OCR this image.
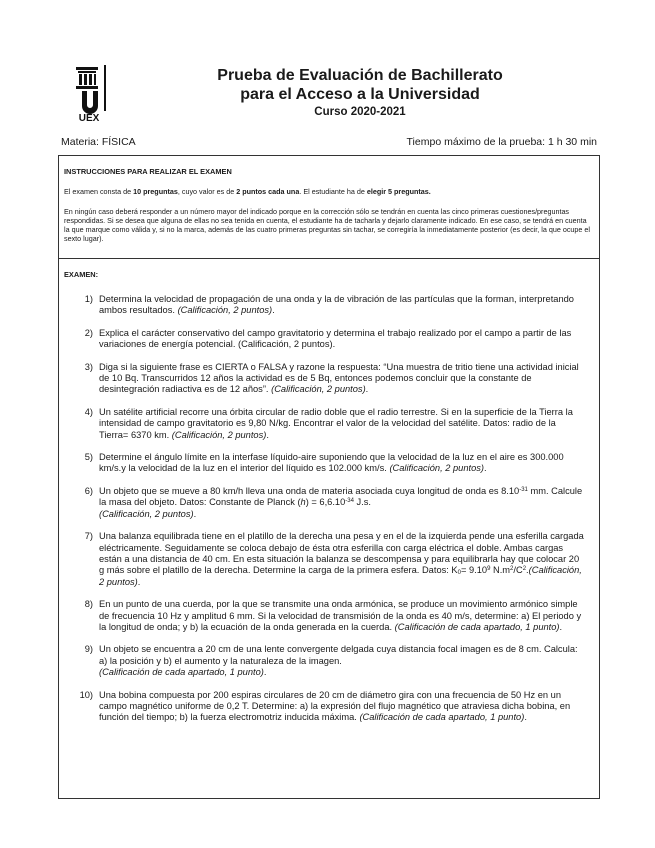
UEX
Prueba de Evaluación de Bachillerato
para el Acceso a la Universidad
Curso 2020-2021
Materia: FÍSICA	Tiempo máximo de la prueba: 1 h 30 min
INSTRUCCIONES PARA REALIZAR EL EXAMEN
El examen consta de 10 preguntas, cuyo valor es de 2 puntos cada una. El estudiante ha de elegir 5 preguntas.
En ningún caso deberá responder a un número mayor del indicado porque en la corrección sólo se tendrán en cuenta las cinco primeras cuestiones/preguntas respondidas. Si se desea que alguna de ellas no sea tenida en cuenta, el estudiante ha de tacharla y dejarlo claramente indicado. En ese caso, se tendrá en cuenta la que marque como válida y, si no la marca, además de las cuatro primeras preguntas sin tachar, se corregiría la inmediatamente posterior (es decir, la que ocupe el sexto lugar).
EXAMEN:
1) Determina la velocidad de propagación de una onda y la de vibración de las partículas que la forman, interpretando ambos resultados. (Calificación, 2 puntos).
2) Explica el carácter conservativo del campo gravitatorio y determina el trabajo realizado por el campo a partir de las variaciones de energía potencial. (Calificación, 2 puntos).
3) Diga si la siguiente frase es CIERTA o FALSA y razone la respuesta: “Una muestra de tritio tiene una actividad inicial de 10 Bq. Transcurridos 12 años la actividad es de 5 Bq, entonces podemos concluir que la constante de desintegración radiactiva es de 12 años”. (Calificación, 2 puntos).
4) Un satélite artificial recorre una órbita circular de radio doble que el radio terrestre. Si en la superficie de la Tierra la intensidad de campo gravitatorio es 9,80 N/kg. Encontrar el valor de la velocidad del satélite. Datos: radio de la Tierra= 6370 km. (Calificación, 2 puntos).
5) Determine el ángulo límite en la interfase líquido-aire suponiendo que la velocidad de la luz en el aire es 300.000 km/s.y la velocidad de la luz en el interior del líquido es 102.000 km/s. (Calificación, 2 puntos).
6) Un objeto que se mueve a 80 km/h lleva una onda de materia asociada cuya longitud de onda es $8.10^{-31}$ mm. Calcule la masa del objeto. Datos: Constante de Planck $(h) = 6,6.10^{-34}$ J.s.
(Calificación, 2 puntos).
7) Una balanza equilibrada tiene en el platillo de la derecha una pesa y en el de la izquierda pende una esferilla cargada eléctricamente. Seguidamente se coloca debajo de ésta otra esferilla con carga eléctrica el doble. Ambas cargas están a una distancia de 40 cm. En esta situación la balanza se descompensa y para equilibrarla hay que colocar 20 g más sobre el platillo de la derecha. Determine la carga de la primera esfera. Datos: $K_0= 9.10^9$ $N.m^2/C^2.(Calificación$, 2 puntos).
8) En un punto de una cuerda, por la que se transmite una onda armónica, se produce un movimiento armónico simple de frecuencia 10 Hz y amplitud 6 mm. Si la velocidad de transmisión de la onda es 40 m/s, determine: a) El periodo y la longitud de onda; y b) la ecuación de la onda generada en la cuerda. (Calificación de cada apartado, 1 punto).
9) Un objeto se encuentra a 20 cm de una lente convergente delgada cuya distancia focal imagen es de 8 cm. Calcula: a) la posición y b) el aumento y la naturaleza de la imagen.
(Calificación de cada apartado, 1 punto).
10) Una bobina compuesta por 200 espiras circulares de 20 cm de diámetro gira con una frecuencia de 50 Hz en un campo magnético uniforme de 0,2 T. Determine: a) la expresión del flujo magnético que atraviesa dicha bobina, en función del tiempo; b) la fuerza electromotriz inducida máxima. (Calificación de cada apartado, 1 punto).
